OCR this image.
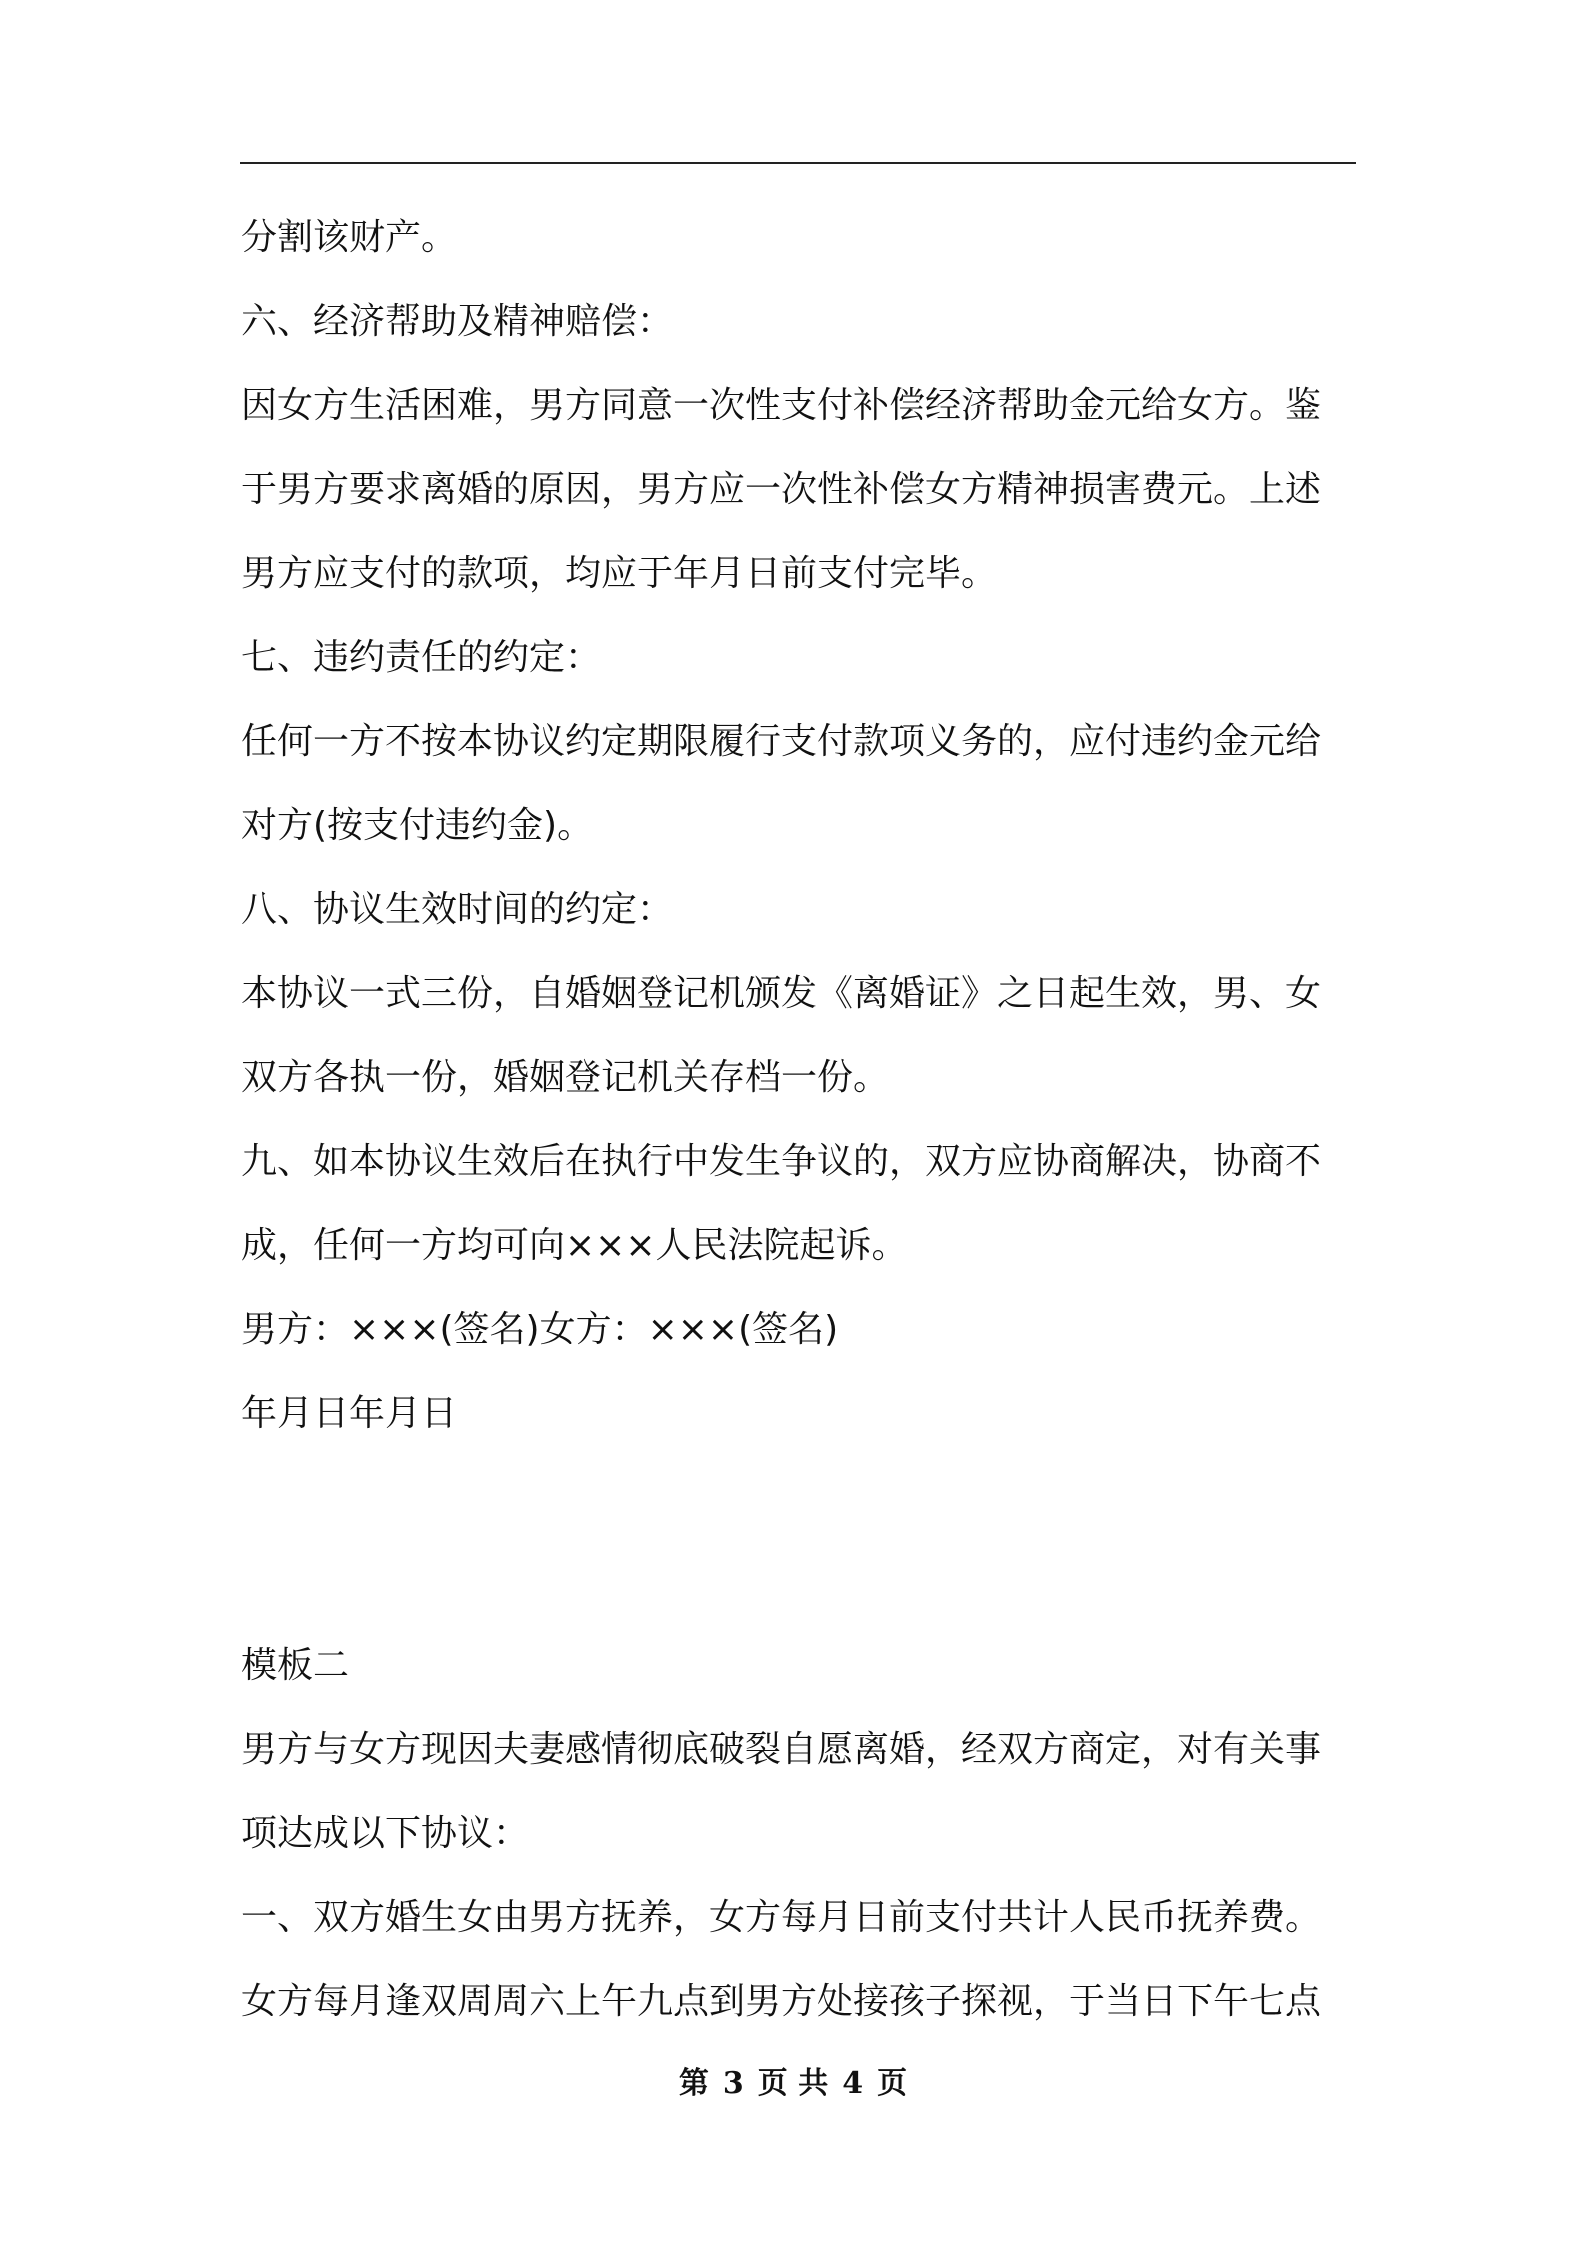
分割该财产。
六、经济帮助及精神赔偿：
因女方生活困难，男方同意一次性支付补偿经济帮助金元给女方。鉴
于男方要求离婚的原因，男方应一次性补偿女方精神损害费元。上述
男方应支付的款项，均应于年月日前支付完毕。
七、违约责任的约定：
任何一方不按本协议约定期限履行支付款项义务的，应付违约金元给
对方(按支付违约金)。
八、协议生效时间的约定：
本协议一式三份，自婚姻登记机颁发《离婚证》之日起生效，男、女
双方各执一份，婚姻登记机关存档一份。
九、如本协议生效后在执行中发生争议的，双方应协商解决，协商不
成，任何一方均可向×××人民法院起诉。
男方：×××(签名)女方：×××(签名)
年月日年月日
模板二
男方与女方现因夫妻感情彻底破裂自愿离婚，经双方商定，对有关事
项达成以下协议：
一、双方婚生女由男方抚养，女方每月日前支付共计人民币抚养费。
女方每月逢双周周六上午九点到男方处接孩子探视，于当日下午七点
第 3 页 共 4 页
